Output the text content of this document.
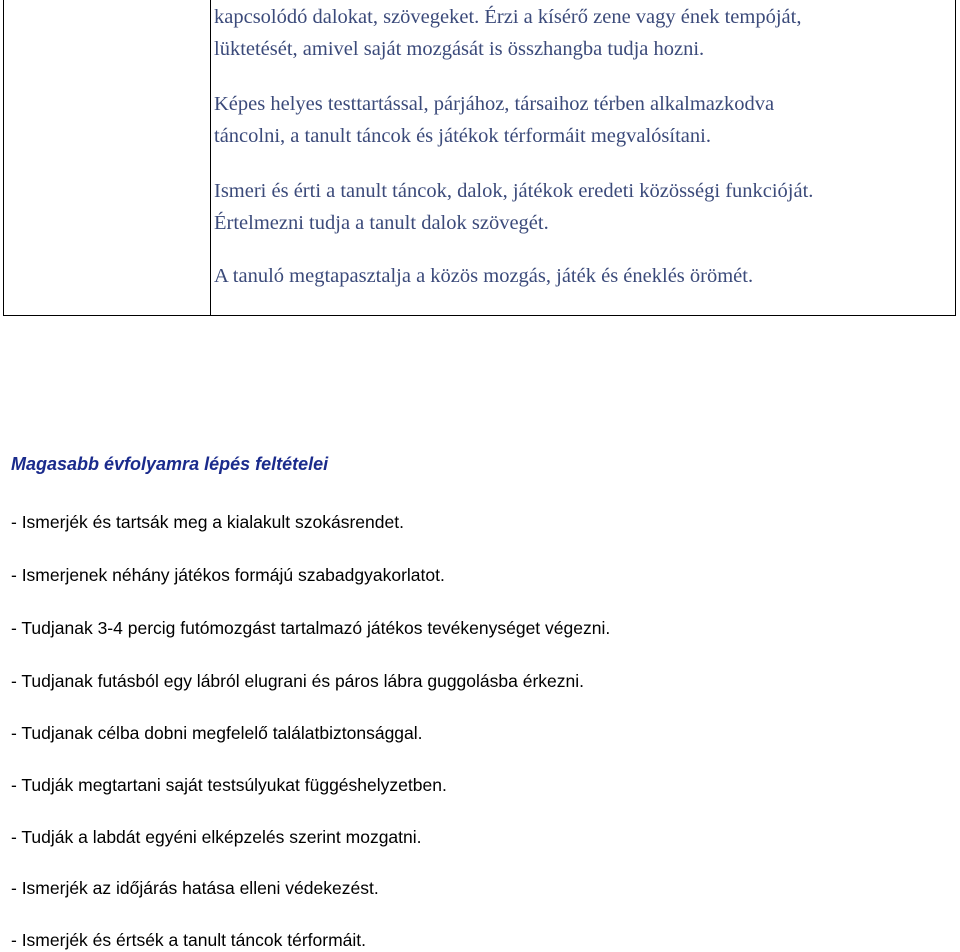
kapcsolódó dalokat, szövegeket. Érzi a kísérő zene vagy ének tempóját,
lüktetését, amivel saját mozgását is összhangba tudja hozni.

Képes helyes testtartással, párjához, társaihoz térben alkalmazkodva
táncolni, a tanult táncok és játékok térformáit megvalósítani.

Ismeri és érti a tanult táncok, dalok, játékok eredeti közösségi funkcióját.
Értelmezni tudja a tanult dalok szövegét.

A tanuló megtapasztalja a közös mozgás, játék és éneklés örömét.

Magasabb évfolyamra lépés feltételei
- Ismerjék és tartsák meg a kialakult szokásrendet.
- Ismerjenek néhány játékos formájú szabadgyakorlatot.
- Tudjanak 3-4 percig futómozgást tartalmazó játékos tevékenységet végezni.
- Tudjanak futásból egy lábról elugrani és páros lábra guggolásba érkezni.
- Tudjanak célba dobni megfelelő találatbiztonsággal.
- Tudják megtartani saját testsúlyukat függéshelyzetben.
- Tudják a labdát egyéni elképzelés szerint mozgatni.
- Ismerjék az időjárás hatása elleni védekezést.
- Ismerjék és értsék a tanult táncok térformáit.
